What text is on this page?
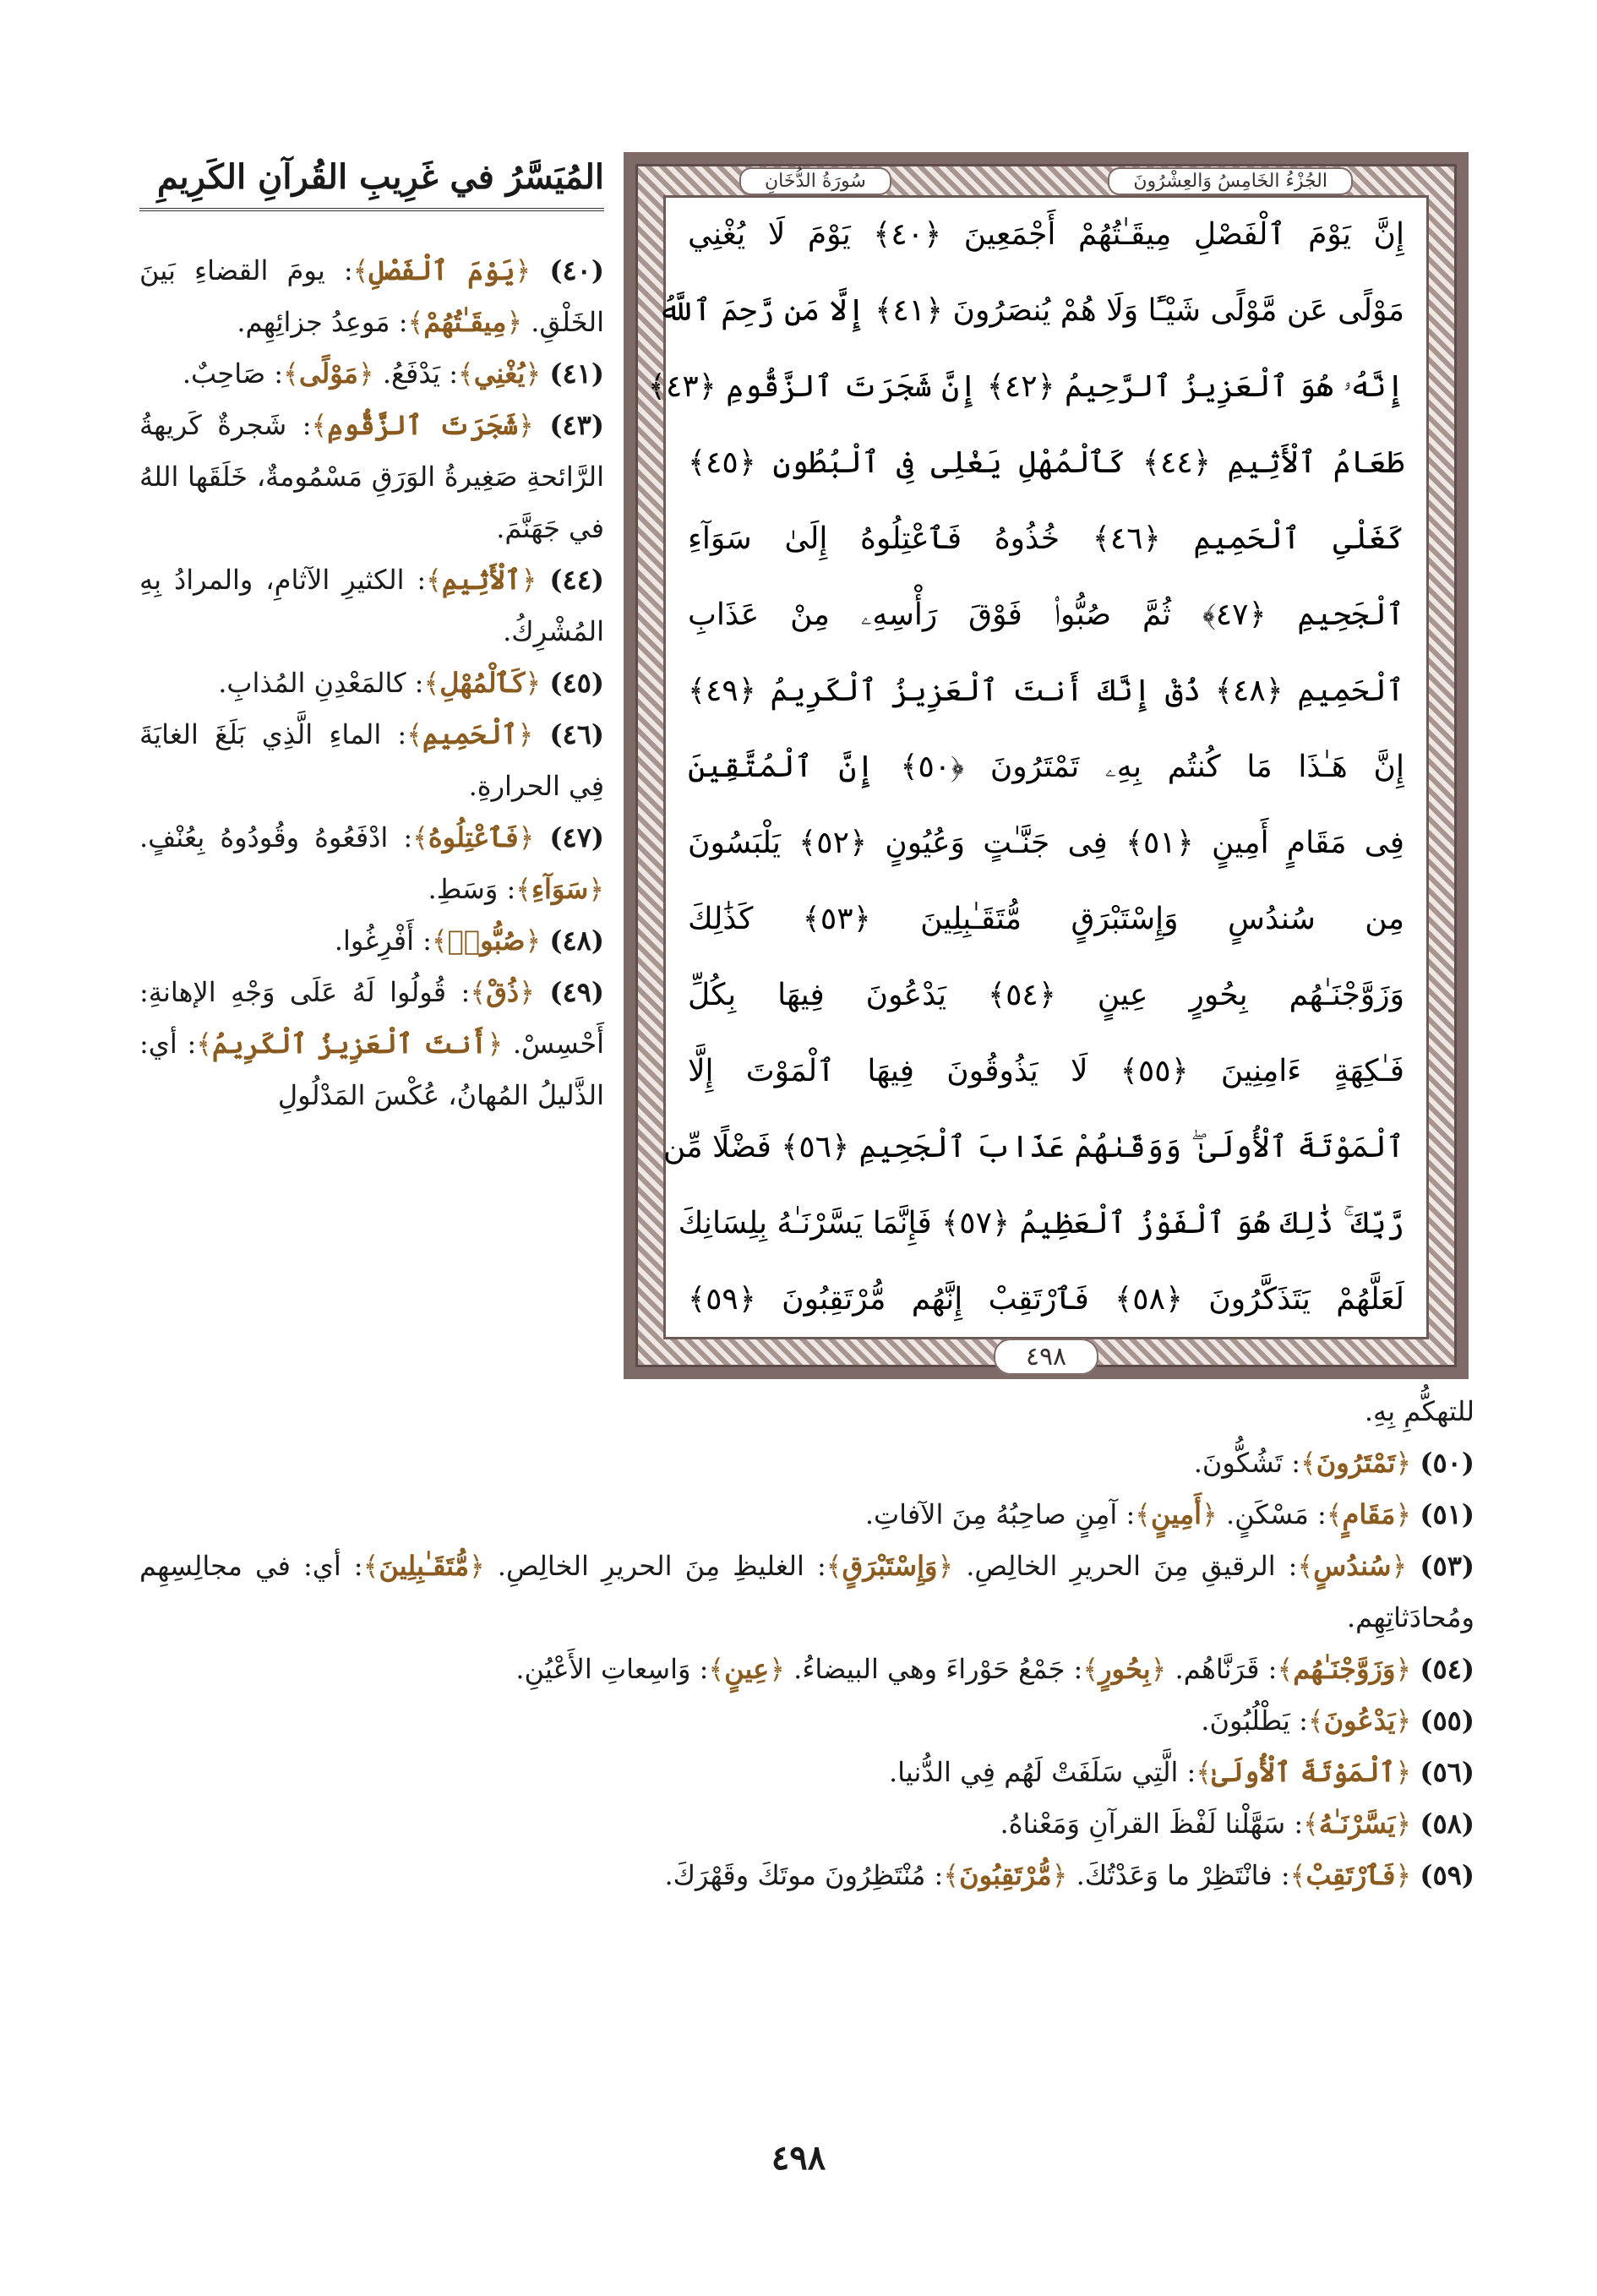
الجُزْءُ الخَامِسُ وَالعِشْرُونَ
سُورَةُ الدُّخَانِ
إِنَّ يَوْمَ ٱلْفَصْلِ مِيقَـٰتُهُمْ أَجْمَعِينَ ﴿٤٠﴾ يَوْمَ لَا يُغْنِي
مَوْلًى عَن مَّوْلًى شَيْـًٔا وَلَا هُمْ يُنصَرُونَ ﴿٤١﴾ إِلَّا مَن رَّحِمَ ٱللَّهُ
إِنَّهُۥ هُوَ ٱلْعَزِيزُ ٱلرَّحِيمُ ﴿٤٢﴾ إِنَّ شَجَرَتَ ٱلزَّقُّومِ ﴿٤٣﴾
طَعَامُ ٱلْأَثِيمِ ﴿٤٤﴾ كَٱلْمُهْلِ يَغْلِى فِى ٱلْبُطُونِ ﴿٤٥﴾
كَغَلْىِ ٱلْحَمِيمِ ﴿٤٦﴾ خُذُوهُ فَٱعْتِلُوهُ إِلَىٰ سَوَآءِ
ٱلْجَحِيمِ ﴿٤٧﴾ ثُمَّ صُبُّوا۟ فَوْقَ رَأْسِهِۦ مِنْ عَذَابِ
ٱلْحَمِيمِ ﴿٤٨﴾ ذُقْ إِنَّكَ أَنتَ ٱلْعَزِيزُ ٱلْكَرِيمُ ﴿٤٩﴾
إِنَّ هَـٰذَا مَا كُنتُم بِهِۦ تَمْتَرُونَ ﴿٥٠﴾ إِنَّ ٱلْمُتَّقِينَ
فِى مَقَامٍ أَمِينٍ ﴿٥١﴾ فِى جَنَّـٰتٍ وَعُيُونٍ ﴿٥٢﴾ يَلْبَسُونَ
مِن سُندُسٍ وَإِسْتَبْرَقٍ مُّتَقَـٰبِلِينَ ﴿٥٣﴾ كَذَٰلِكَ
وَزَوَّجْنَـٰهُم بِحُورٍ عِينٍ ﴿٥٤﴾ يَدْعُونَ فِيهَا بِكُلِّ
فَـٰكِهَةٍ ءَامِنِينَ ﴿٥٥﴾ لَا يَذُوقُونَ فِيهَا ٱلْمَوْتَ إِلَّا
ٱلْمَوْتَةَ ٱلْأُولَىٰ ۖ وَوَقَىٰهُمْ عَذَابَ ٱلْجَحِيمِ ﴿٥٦﴾ فَضْلًا مِّن
رَّبِّكَ ۚ ذَٰلِكَ هُوَ ٱلْفَوْزُ ٱلْعَظِيمُ ﴿٥٧﴾ فَإِنَّمَا يَسَّرْنَـٰهُ بِلِسَانِكَ
لَعَلَّهُمْ يَتَذَكَّرُونَ ﴿٥٨﴾ فَٱرْتَقِبْ إِنَّهُم مُّرْتَقِبُونَ ﴿٥٩﴾
٤٩٨
المُيَسَّرُ في غَرِيبِ القُرآنِ الكَرِيمِ

(٤٠) ﴿يَوْمَ ٱلْفَصْلِ﴾: يومَ القضاءِ بَينَ الخَلْقِ. ﴿مِيقَـٰتُهُمْ﴾: مَوعِدُ جزائِهِم.

(٤١) ﴿يُغْنِي﴾: يَدْفَعُ. ﴿مَوْلًى﴾: صَاحِبٌ.

(٤٣) ﴿شَجَرَتَ ٱلزَّقُّومِ﴾: شَجرةٌ كَريهةُ الرَّائحةِ صَغِيرةُ الوَرَقِ مَسْمُومةٌ، خَلَقَها اللهُ في جَهَنَّمَ.

(٤٤) ﴿ٱلْأَثِيمِ﴾: الكثيرِ الآثامِ، والمرادُ بِهِ المُشْرِكُ.

(٤٥) ﴿كَٱلْمُهْلِ﴾: كالمَعْدِنِ المُذابِ.

(٤٦) ﴿ٱلْحَمِيمِ﴾: الماءِ الَّذِي بَلَغَ الغايَةَ فِي الحرارةِ.

(٤٧) ﴿فَٱعْتِلُوهُ﴾: ادْفَعُوهُ وقُودُوهُ بِعُنْفٍ. ﴿سَوَآءِ﴾: وَسَطِ.

(٤٨) ﴿صُبُّوا۟﴾: أَفْرِغُوا.

(٤٩) ﴿ذُقْ﴾: قُولُوا لَهُ عَلَى وَجْهِ الإهانةِ: أَحْسِسْ. ﴿أَنتَ ٱلْعَزِيزُ ٱلْكَرِيمُ﴾: أي: الذَّليلُ المُهانُ، عُكْسَ المَدْلُولِ

للتهكُّمِ بِهِ.

(٥٠) ﴿تَمْتَرُونَ﴾: تَشُكُّونَ.

(٥١) ﴿مَقَامٍ﴾: مَسْكَنٍ. ﴿أَمِينٍ﴾: آمِنٍ صاحِبُهُ مِنَ الآفاتِ.

(٥٣) ﴿سُندُسٍ﴾: الرقيقِ مِنَ الحريرِ الخالِصِ. ﴿وَإِسْتَبْرَقٍ﴾: الغليظِ مِنَ الحريرِ الخالِصِ. ﴿مُّتَقَـٰبِلِينَ﴾: أي: في مجالِسِهِم ومُحادَثاتِهِم.

(٥٤) ﴿وَزَوَّجْنَـٰهُم﴾: قَرَنَّاهُم. ﴿بِحُورٍ﴾: جَمْعُ حَوْراءَ وهي البيضاءُ. ﴿عِينٍ﴾: وَاسِعاتِ الأَعْيُنِ.

(٥٥) ﴿يَدْعُونَ﴾: يَطْلُبُونَ.

(٥٦) ﴿ٱلْمَوْتَةَ ٱلْأُولَىٰ﴾: الَّتِي سَلَفَتْ لَهُم فِي الدُّنيا.

(٥٨) ﴿يَسَّرْنَـٰهُ﴾: سَهَّلْنا لَفْظَ القرآنِ وَمَعْناهُ.

(٥٩) ﴿فَٱرْتَقِبْ﴾: فانْتَظِرْ ما وَعَدْتُكَ. ﴿مُّرْتَقِبُونَ﴾: مُنْتَظِرُونَ موتَكَ وقَهْرَكَ.

٤٩٨
